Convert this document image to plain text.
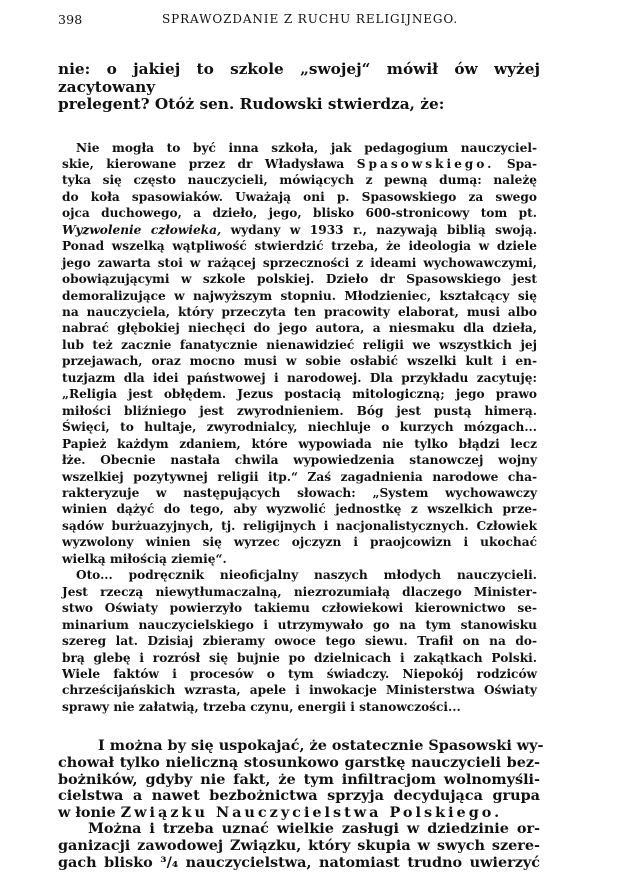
398	SPRAWOZDANIE Z RUCHU RELIGIJNEGO.
nie: o jakiej to szkole „swojej“ mówił ów wyżej zacytowany
prelegent? Otóż sen. Rudowski stwierdza, że:
Nie mogła to być inna szkoła, jak pedagogium nauczyciel-
skie, kierowane przez dr Władysława Spasowskiego. Spa-
tyka się często nauczycieli, mówiących z pewną dumą: należę
do koła spasowiaków. Uważają oni p. Spasowskiego za swego
ojca duchowego, a dzieło, jego, blisko 600-stronicowy tom pt.
Wyzwolenie człowieka, wydany w 1933 r., nazywają biblią swoją.
Ponad wszelką wątpliwość stwierdzić trzeba, że ideologia w dziele
jego zawarta stoi w rażącej sprzeczności z ideami wychowawczymi,
obowiązującymi w szkole polskiej. Dzieło dr Spasowskiego jest
demoralizujące w najwyższym stopniu. Młodzieniec, kształcący się
na nauczyciela, który przeczyta ten pracowity elaborat, musi albo
nabrać głębokiej niechęci do jego autora, a niesmaku dla dzieła,
lub też zacznie fanatycznie nienawidzieć religii we wszystkich jej
przejawach, oraz mocno musi w sobie osłabić wszelki kult i en-
tuzjazm dla idei państwowej i narodowej. Dla przykładu zacytuję:
„Religia jest obłędem. Jezus postacią mitologiczną; jego prawo
miłości bliźniego jest zwyrodnieniem. Bóg jest pustą himerą.
Święci, to hultaje, zwyrodnialcy, niechluje o kurzych mózgach...
Papież każdym zdaniem, które wypowiada nie tylko błądzi lecz
łże. Obecnie nastała chwila wypowiedzenia stanowczej wojny
wszelkiej pozytywnej religii itp.“ Zaś zagadnienia narodowe cha-
rakteryzuje w następujących słowach: „System wychowawczy
winien dążyć do tego, aby wyzwolić jednostkę z wszelkich prze-
sądów burżuazyjnych, tj. religijnych i nacjonalistycznych. Człowiek
wyzwolony winien się wyrzec ojczyzn i praojcowizn i ukochać
wielką miłością ziemię“.
Oto... podręcznik nieoficjalny naszych młodych nauczycieli.
Jest rzeczą niewytłumaczalną, niezrozumiałą dlaczego Minister-
stwo Oświaty powierzyło takiemu człowiekowi kierownictwo se-
minarium nauczycielskiego i utrzymywało go na tym stanowisku
szereg lat. Dzisiaj zbieramy owoce tego siewu. Trafił on na do-
brą glebę i rozrósł się bujnie po dzielnicach i zakątkach Polski.
Wiele faktów i procesów o tym świadczy. Niepokój rodziców
chrześcijańskich wzrasta, apele i inwokacje Ministerstwa Oświaty
sprawy nie załatwią, trzeba czynu, energii i stanowczości...
I można by się uspokajać, że ostatecznie Spasowski wy-
chował tylko nieliczną stosunkowo garstkę nauczycieli bez-
bożników, gdyby nie fakt, że tym infiltracjom wolnomyśli-
cielstwa a nawet bezbożnictwa sprzyja decydująca grupa
w łonie Związku Nauczycielstwa Polskiego.
Można i trzeba uznać wielkie zasługi w dziedzinie or-
ganizacji zawodowej Związku, który skupia w swych szere-
gach blisko ³/₄ nauczycielstwa, natomiast trudno uwierzyć
